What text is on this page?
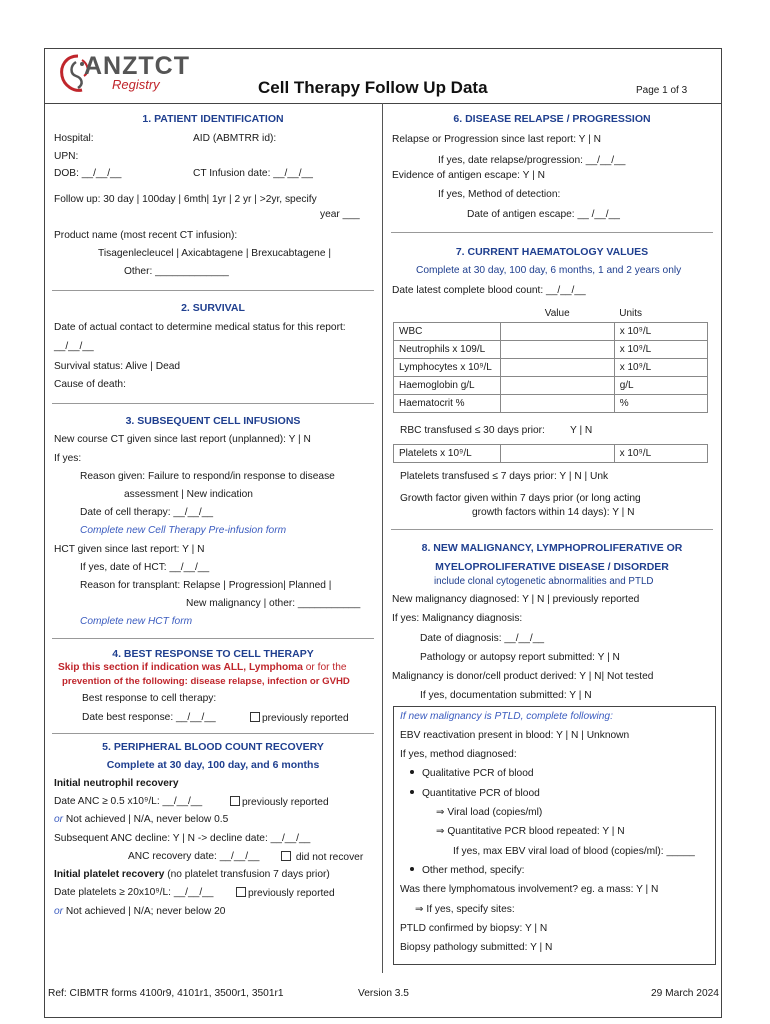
ANZTCT
Registry	Cell Therapy Follow Up Data	Page 1 of 3
1. PATIENT IDENTIFICATION
Hospital:	AID (ABMTRR id):
UPN:
DOB: __/__/__	CT Infusion date: __/__/__
Follow up: 30 day | 100day | 6mth| 1yr | 2 yr | >2yr, specify
year ___
Product name (most recent CT infusion):
Tisagenlecleucel | Axicabtagene | Brexucabtagene |
Other: _____________
2. SURVIVAL
Date of actual contact to determine medical status for this report:
__/__/__
Survival status: Alive | Dead
Cause of death:
3. SUBSEQUENT CELL INFUSIONS
New course CT given since last report (unplanned): Y | N
If yes:
Reason given: Failure to respond/in response to disease
assessment | New indication
Date of cell therapy: __/__/__
Complete new Cell Therapy Pre-infusion form
HCT given since last report: Y | N
If yes, date of HCT: __/__/__
Reason for transplant: Relapse | Progression| Planned |
New malignancy | other: ___________
Complete new HCT form
4. BEST RESPONSE TO CELL THERAPY
Skip this section if indication was ALL, Lymphoma or for the
prevention of the following: disease relapse, infection or GVHD
Best response to cell therapy:
Date best response: __/__/__	previously reported
5. PERIPHERAL BLOOD COUNT RECOVERY
Complete at 30 day, 100 day, and 6 months
Initial neutrophil recovery
Date ANC ≥ 0.5 x10⁹/L: __/__/__	previously reported
or Not achieved | N/A, never below 0.5
Subsequent ANC decline: Y | N -> decline date: __/__/__
ANC recovery date: __/__/__	did not recover
Initial platelet recovery (no platelet transfusion 7 days prior)
Date platelets ≥ 20x10⁹/L: __/__/__	previously reported
or Not achieved | N/A; never below 20
6. DISEASE RELAPSE / PROGRESSION
Relapse or Progression since last report: Y | N
If yes, date relapse/progression: __/__/__
Evidence of antigen escape: Y | N
If yes, Method of detection:
Date of antigen escape: __ /__/__
7. CURRENT HAEMATOLOGY VALUES
Complete at 30 day, 100 day, 6 months, 1 and 2 years only
Date latest complete blood count: __/__/__
	Value	Units
WBC		x 10⁹/L
Neutrophils x 109/L		x 10⁹/L
Lymphocytes x 10⁹/L		x 10⁹/L
Haemoglobin g/L		g/L
Haematocrit %		%
RBC transfused ≤ 30 days prior: Y | N
Platelets x 10⁹/L		x 10⁹/L
Platelets transfused ≤ 7 days prior: Y | N | Unk
Growth factor given within 7 days prior (or long acting
growth factors within 14 days): Y | N
8. NEW MALIGNANCY, LYMPHOPROLIFERATIVE OR
MYELOPROLIFERATIVE DISEASE / DISORDER
include clonal cytogenetic abnormalities and PTLD
New malignancy diagnosed: Y | N | previously reported
If yes: Malignancy diagnosis:
Date of diagnosis: __/__/__
Pathology or autopsy report submitted: Y | N
Malignancy is donor/cell product derived: Y | N| Not tested
If yes, documentation submitted: Y | N
If new malignancy is PTLD, complete following:
EBV reactivation present in blood: Y | N | Unknown
If yes, method diagnosed:
Qualitative PCR of blood
Quantitative PCR of blood
⇒ Viral load (copies/ml)
⇒ Quantitative PCR blood repeated: Y | N
If yes, max EBV viral load of blood (copies/ml): _____
Other method, specify:
Was there lymphomatous involvement? eg. a mass: Y | N
⇒ If yes, specify sites:
PTLD confirmed by biopsy: Y | N
Biopsy pathology submitted: Y | N
Ref: CIBMTR forms 4100r9, 4101r1, 3500r1, 3501r1	Version 3.5	29 March 2024
